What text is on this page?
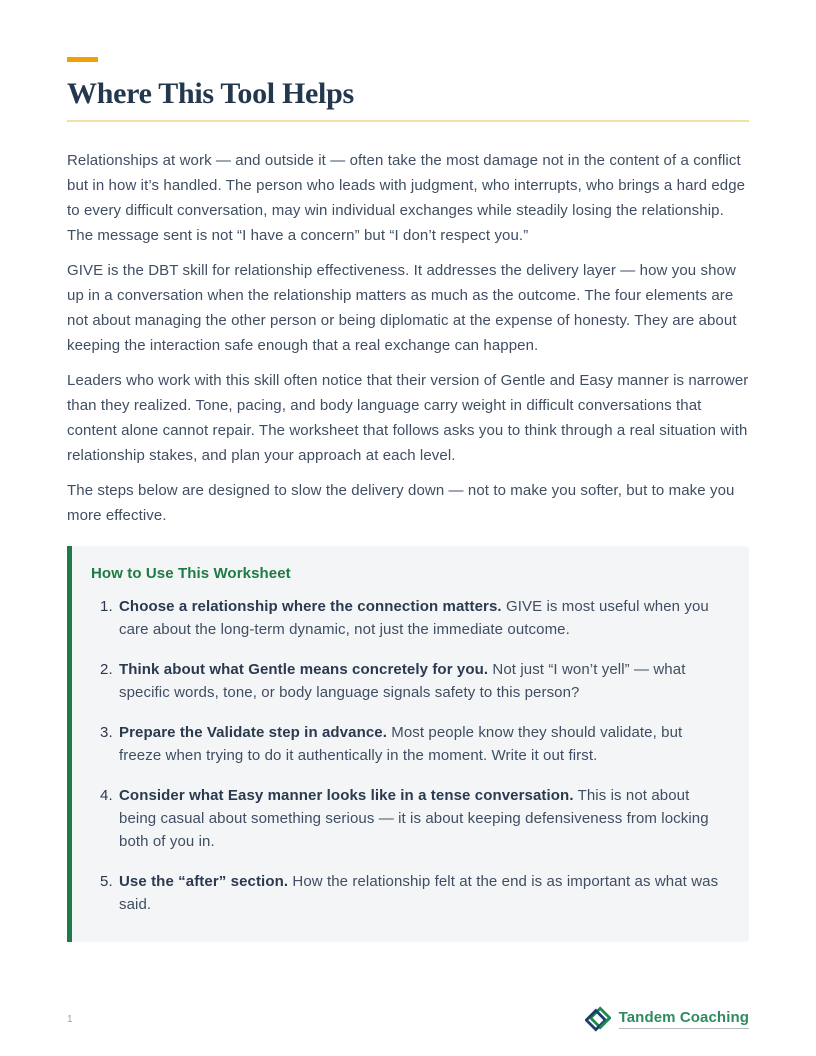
Where This Tool Helps

Relationships at work — and outside it — often take the most damage not in the content of a conflict but in how it’s handled. The person who leads with judgment, who interrupts, who brings a hard edge to every difficult conversation, may win individual exchanges while steadily losing the relationship. The message sent is not “I have a concern” but “I don’t respect you.”

GIVE is the DBT skill for relationship effectiveness. It addresses the delivery layer — how you show up in a conversation when the relationship matters as much as the outcome. The four elements are not about managing the other person or being diplomatic at the expense of honesty. They are about keeping the interaction safe enough that a real exchange can happen.

Leaders who work with this skill often notice that their version of Gentle and Easy manner is narrower than they realized. Tone, pacing, and body language carry weight in difficult conversations that content alone cannot repair. The worksheet that follows asks you to think through a real situation with relationship stakes, and plan your approach at each level.

The steps below are designed to slow the delivery down — not to make you softer, but to make you more effective.

How to Use This Worksheet
1. Choose a relationship where the connection matters. GIVE is most useful when you care about the long-term dynamic, not just the immediate outcome.
2. Think about what Gentle means concretely for you. Not just “I won’t yell” — what specific words, tone, or body language signals safety to this person?
3. Prepare the Validate step in advance. Most people know they should validate, but freeze when trying to do it authentically in the moment. Write it out first.
4. Consider what Easy manner looks like in a tense conversation. This is not about being casual about something serious — it is about keeping defensiveness from locking both of you in.
5. Use the “after” section. How the relationship felt at the end is as important as what was said.
1	Tandem Coaching
